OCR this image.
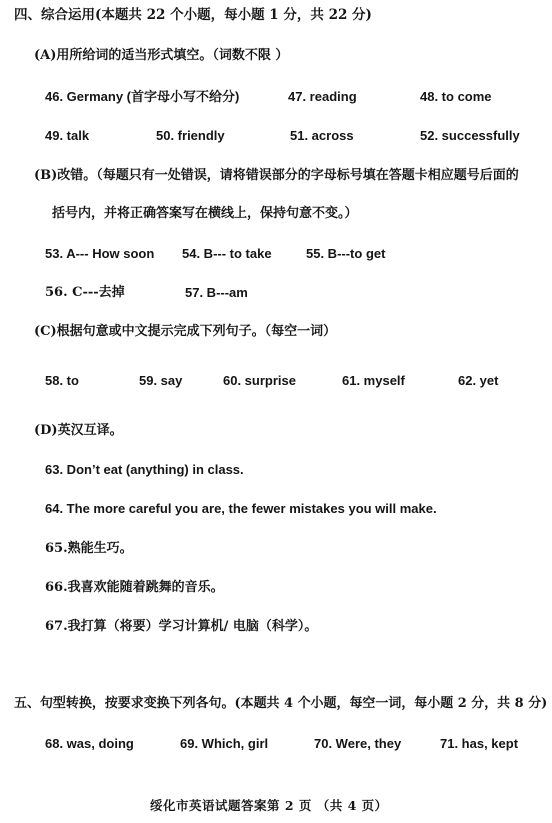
四、综合运用(本题共 22 个小题，每小题 1 分，共 22 分)
(A)用所给词的适当形式填空。（词数不限 ）
46. Germany (首字母小写不给分)	47. reading	48. to come
49. talk	50. friendly	51. across	52. successfully
(B)改错。（每题只有一处错误，请将错误部分的字母标号填在答题卡相应题号后面的
括号内，并将正确答案写在横线上，保持句意不变。）
53. A--- How soon 54. B--- to take	55. B---to get
56. C---去掉	57. B---am
(C)根据句意或中文提示完成下列句子。（每空一词）
58. to	59. say	60. surprise	61. myself	62. yet
(D)英汉互译。
63. Don’t eat (anything) in class.
64. The more careful you are, the fewer mistakes you will make.
65.熟能生巧。
66.我喜欢能随着跳舞的音乐。
67.我打算（将要）学习计算机/ 电脑（科学）。
五、句型转换，按要求变换下列各句。(本题共 4 个小题，每空一词，每小题 2 分，共 8 分)
68. was, doing	69. Which, girl	70. Were, they	71. has, kept
绥化市英语试题答案第 2 页 （共 4 页）
